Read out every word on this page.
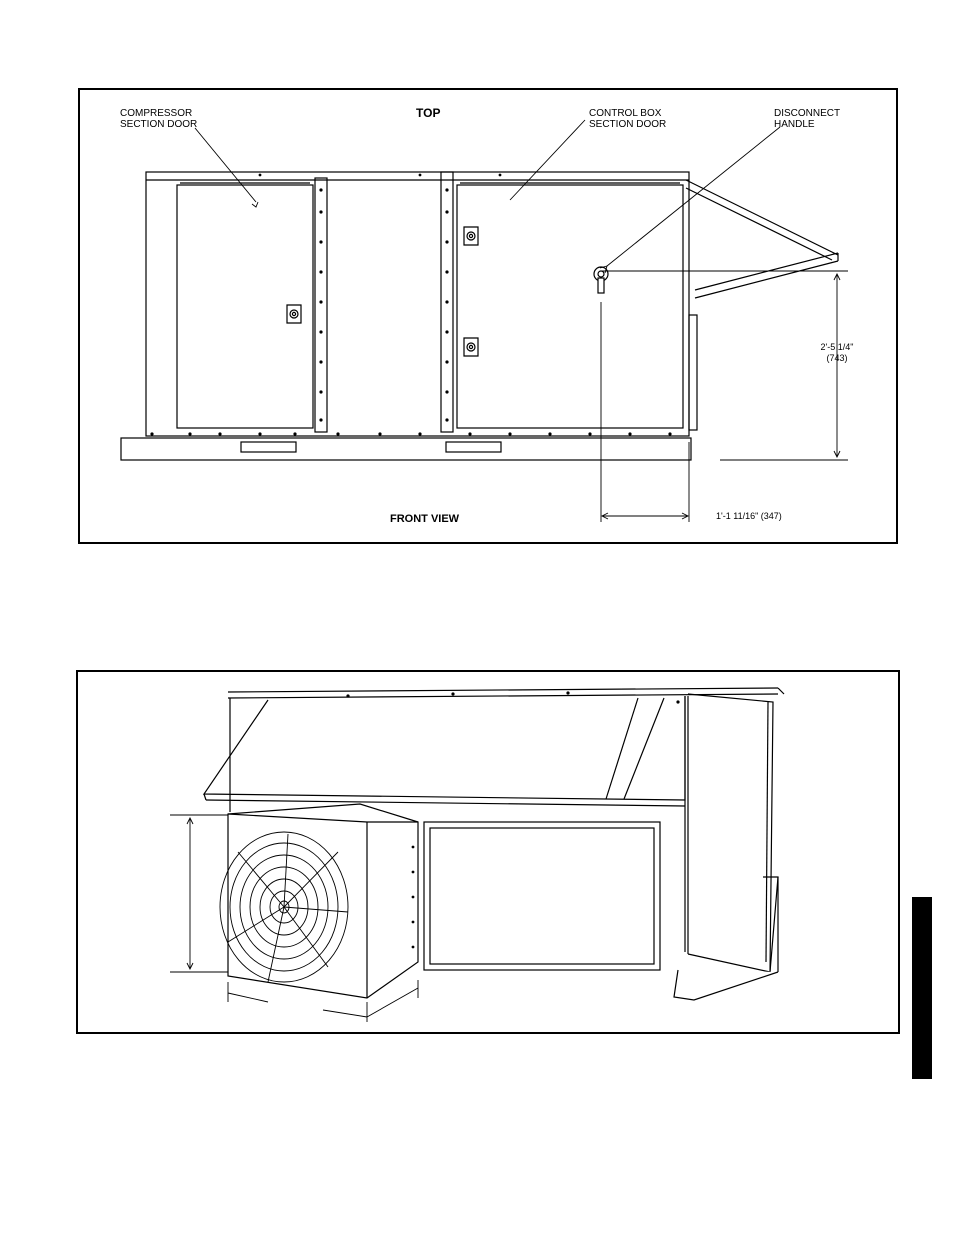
COMPRESSOR
SECTION DOOR
TOP	CONTROL BOX
SECTION DOOR
DISCONNECT
HANDLE
2'-5 1/4"
(743)
1'-1 11/16" (347)
FRONT VIEW
